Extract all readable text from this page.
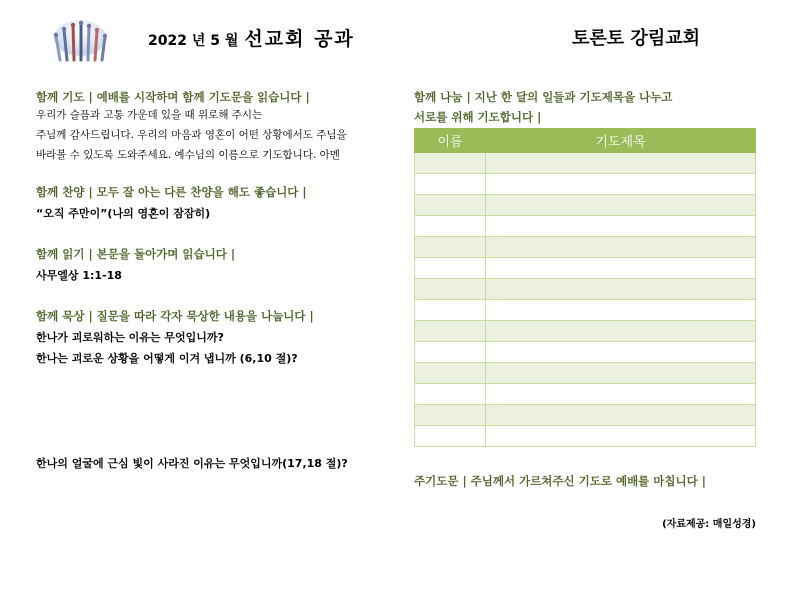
2022 년 5 월 선교회 공과	토론토 강림교회
함께 기도 | 예배를 시작하며 함께 기도문을 읽습니다 |
우리가 슬픔과 고통 가운데 있을 때 위로해 주시는
주님께 감사드립니다. 우리의 마음과 영혼이 어떤 상황에서도 주님을
바라볼 수 있도록 도와주세요. 예수님의 이름으로 기도합니다. 아멘
함께 찬양 | 모두 잘 아는 다른 찬양을 해도 좋습니다 |
“오직 주만이”(나의 영혼이 잠잠히)
함께 읽기 | 본문을 돌아가며 읽습니다 |
사무엘상 1:1-18
함께 묵상 | 질문을 따라 각자 묵상한 내용을 나눕니다 |
한나가 괴로워하는 이유는 무엇입니까?
한나는 괴로운 상황을 어떻게 이겨 냅니까 (6,10 절)?
한나의 얼굴에 근심 빛이 사라진 이유는 무엇입니까(17,18 절)?
함께 나눔 | 지난 한 달의 일들과 기도제목을 나누고
서로를 위해 기도합니다 |
이름	기도제목

주기도문 | 주님께서 가르쳐주신 기도로 예배를 마칩니다 |
(자료제공: 매일성경)
